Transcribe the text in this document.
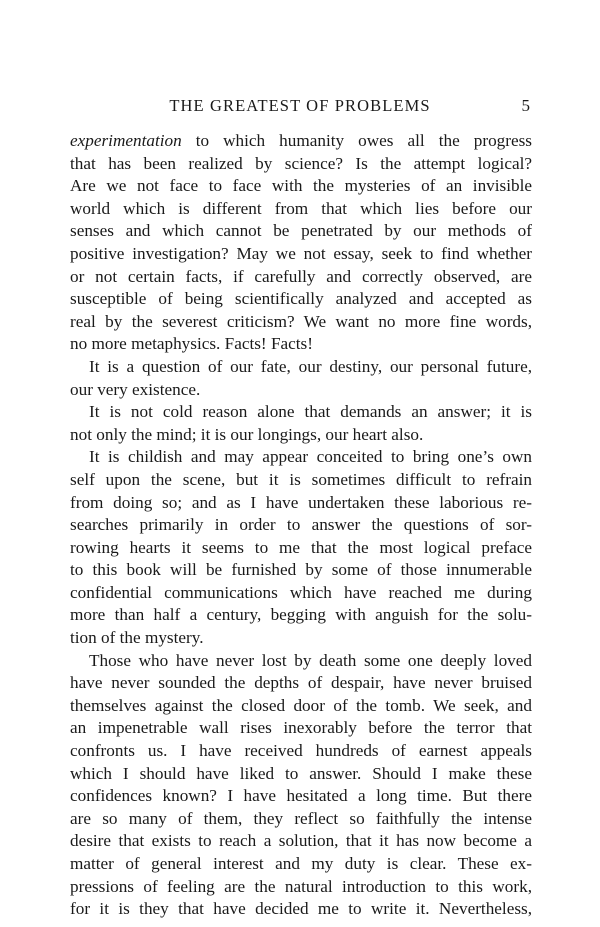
THE GREATEST OF PROBLEMS	5
experimentation to which humanity owes all the progress
that has been realized by science? Is the attempt logical?
Are we not face to face with the mysteries of an invisible
world which is different from that which lies before our
senses and which cannot be penetrated by our methods of
positive investigation? May we not essay, seek to find whether
or not certain facts, if carefully and correctly observed, are
susceptible of being scientifically analyzed and accepted as
real by the severest criticism? We want no more fine words,
no more metaphysics. Facts! Facts!
It is a question of our fate, our destiny, our personal future,
our very existence.
It is not cold reason alone that demands an answer; it is
not only the mind; it is our longings, our heart also.
It is childish and may appear conceited to bring one’s own
self upon the scene, but it is sometimes difficult to refrain
from doing so; and as I have undertaken these laborious re-
searches primarily in order to answer the questions of sor-
rowing hearts it seems to me that the most logical preface
to this book will be furnished by some of those innumerable
confidential communications which have reached me during
more than half a century, begging with anguish for the solu-
tion of the mystery.
Those who have never lost by death some one deeply loved
have never sounded the depths of despair, have never bruised
themselves against the closed door of the tomb. We seek, and
an impenetrable wall rises inexorably before the terror that
confronts us. I have received hundreds of earnest appeals
which I should have liked to answer. Should I make these
confidences known? I have hesitated a long time. But there
are so many of them, they reflect so faithfully the intense
desire that exists to reach a solution, that it has now become a
matter of general interest and my duty is clear. These ex-
pressions of feeling are the natural introduction to this work,
for it is they that have decided me to write it. Nevertheless,
